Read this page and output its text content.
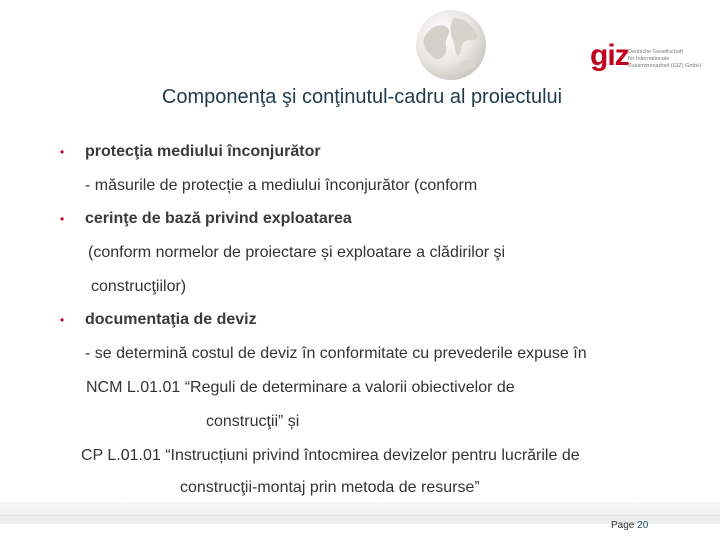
giz Deutsche Gesellschaft
für Internationale
Zusammenarbeit (GIZ) GmbH
Componenţa şi conţinutul-cadru al proiectului
• protecţia mediului înconjurător
- măsurile de protecție a mediului înconjurător (conform
• cerinţe de bază privind exploatarea
(conform normelor de proiectare și exploatare a clădirilor şi
construcţiilor)
• documentaţia de deviz
- se determină costul de deviz în conformitate cu prevederile expuse în
NCM L.01.01 “Reguli de determinare a valorii obiectivelor de
construcţii” și
CP L.01.01 “Instrucțiuni privind întocmirea devizelor pentru lucrările de
construcţii-montaj prin metoda de resurse”
Page 20
